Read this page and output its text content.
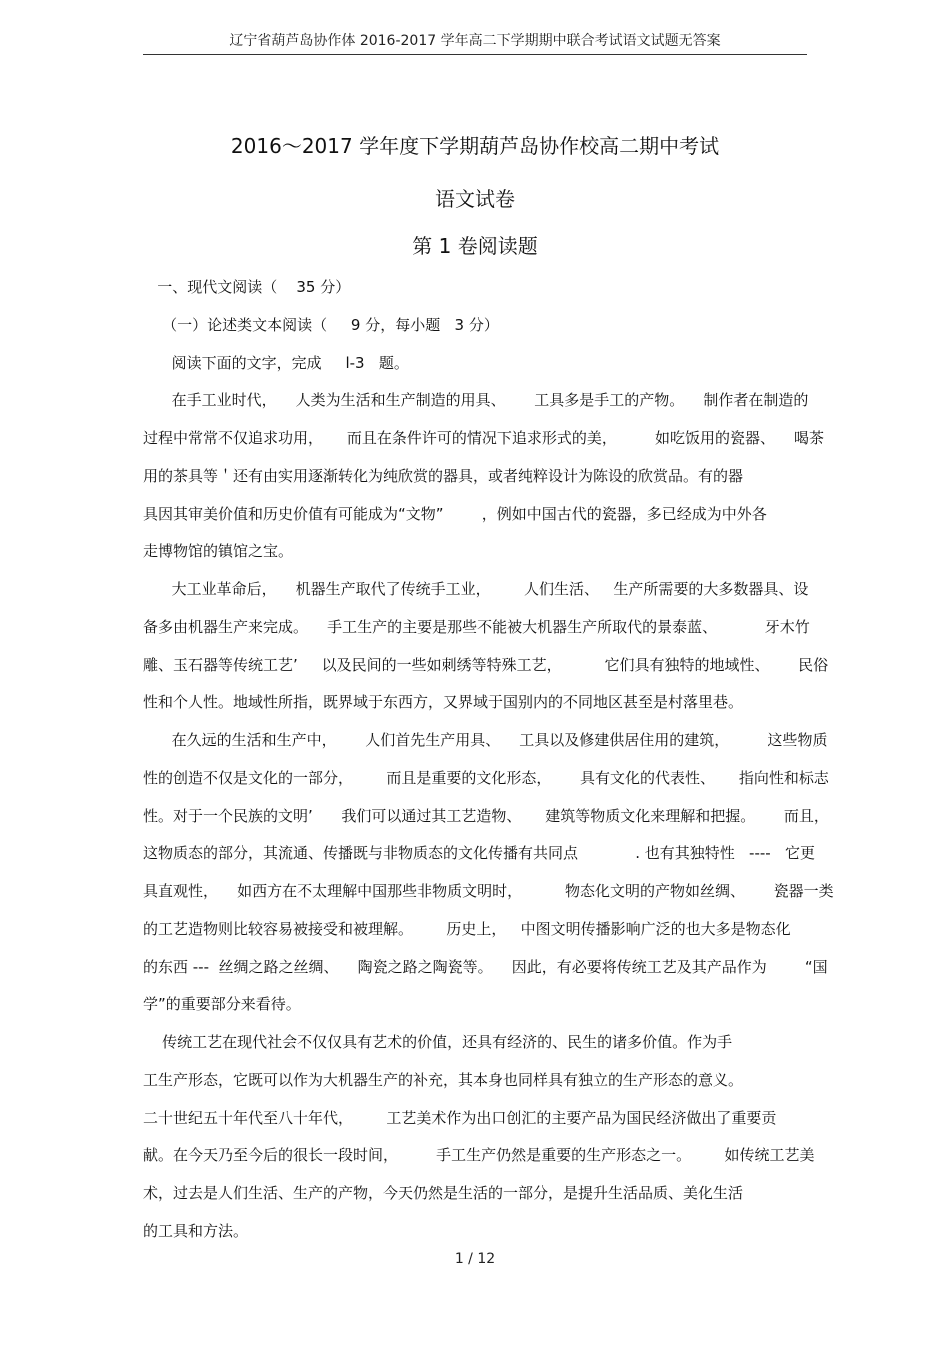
辽宁省葫芦岛协作体 2016-2017 学年高二下学期期中联合考试语文试题无答案
2016～2017 学年度下学期葫芦岛协作校高二期中考试
语文试卷
第 1 卷阅读题
一、现代文阅读（    35 分）
（一）论述类文本阅读（     9 分，每小题   3 分）
阅读下面的文字，完成     l-3   题。
在手工业时代，    人类为生活和生产制造的用具、      工具多是手工的产物。    制作者在制造的
过程中常常不仅追求功用，     而且在条件许可的情况下追求形式的美，        如吃饭用的瓷器、    喝茶
用的茶具等＇还有由实用逐渐转化为纯欣赏的器具，或者纯粹设计为陈设的欣赏品。有的器
具因其审美价值和历史价值有可能成为“文物”        ，例如中国古代的瓷器，多已经成为中外各
走博物馆的镇馆之宝。
大工业革命后，    机器生产取代了传统手工业，       人们生活、   生产所需要的大多数器具、设
备多由机器生产来完成。    手工生产的主要是那些不能被大机器生产所取代的景泰蓝、          牙木竹
雕、玉石器等传统工艺’     以及民间的一些如刺绣等特殊工艺，         它们具有独特的地域性、      民俗
性和个人性。地域性所指，既界域于东西方，又界域于国别内的不同地区甚至是村落里巷。
在久远的生活和生产中，      人们首先生产用具、    工具以及修建供居住用的建筑，        这些物质
性的创造不仅是文化的一部分，       而且是重要的文化形态，      具有文化的代表性、     指向性和标志
性。对于一个民族的文明’      我们可以通过其工艺造物、     建筑等物质文化来理解和把握。      而且，
这物质态的部分，其流通、传播既与非物质态的文化传播有共同点            . 也有其独特性   ----   它更
具直观性，    如西方在不太理解中国那些非物质文明时，         物态化文明的产物如丝绸、      瓷器一类
的工艺造物则比较容易被接受和被理解。       历史上，   中图文明传播影响广泛的也大多是物态化
的东西 ---  丝绸之路之丝绸、    陶瓷之路之陶瓷等。    因此，有必要将传统工艺及其产品作为        “国
学”的重要部分来看待。
传统工艺在现代社会不仅仅具有艺术的价值，还具有经济的、民生的诸多价值。作为手
工生产形态，它既可以作为大机器生产的补充，其本身也同样具有独立的生产形态的意义。
二十世纪五十年代至八十年代，       工艺美术作为出口创汇的主要产品为国民经济做出了重要贡
献。在今天乃至今后的很长一段时间，        手工生产仍然是重要的生产形态之一。       如传统工艺美
术，过去是人们生活、生产的产物，今天仍然是生活的一部分，是提升生活品质、美化生活
的工具和方法。
1 / 12
